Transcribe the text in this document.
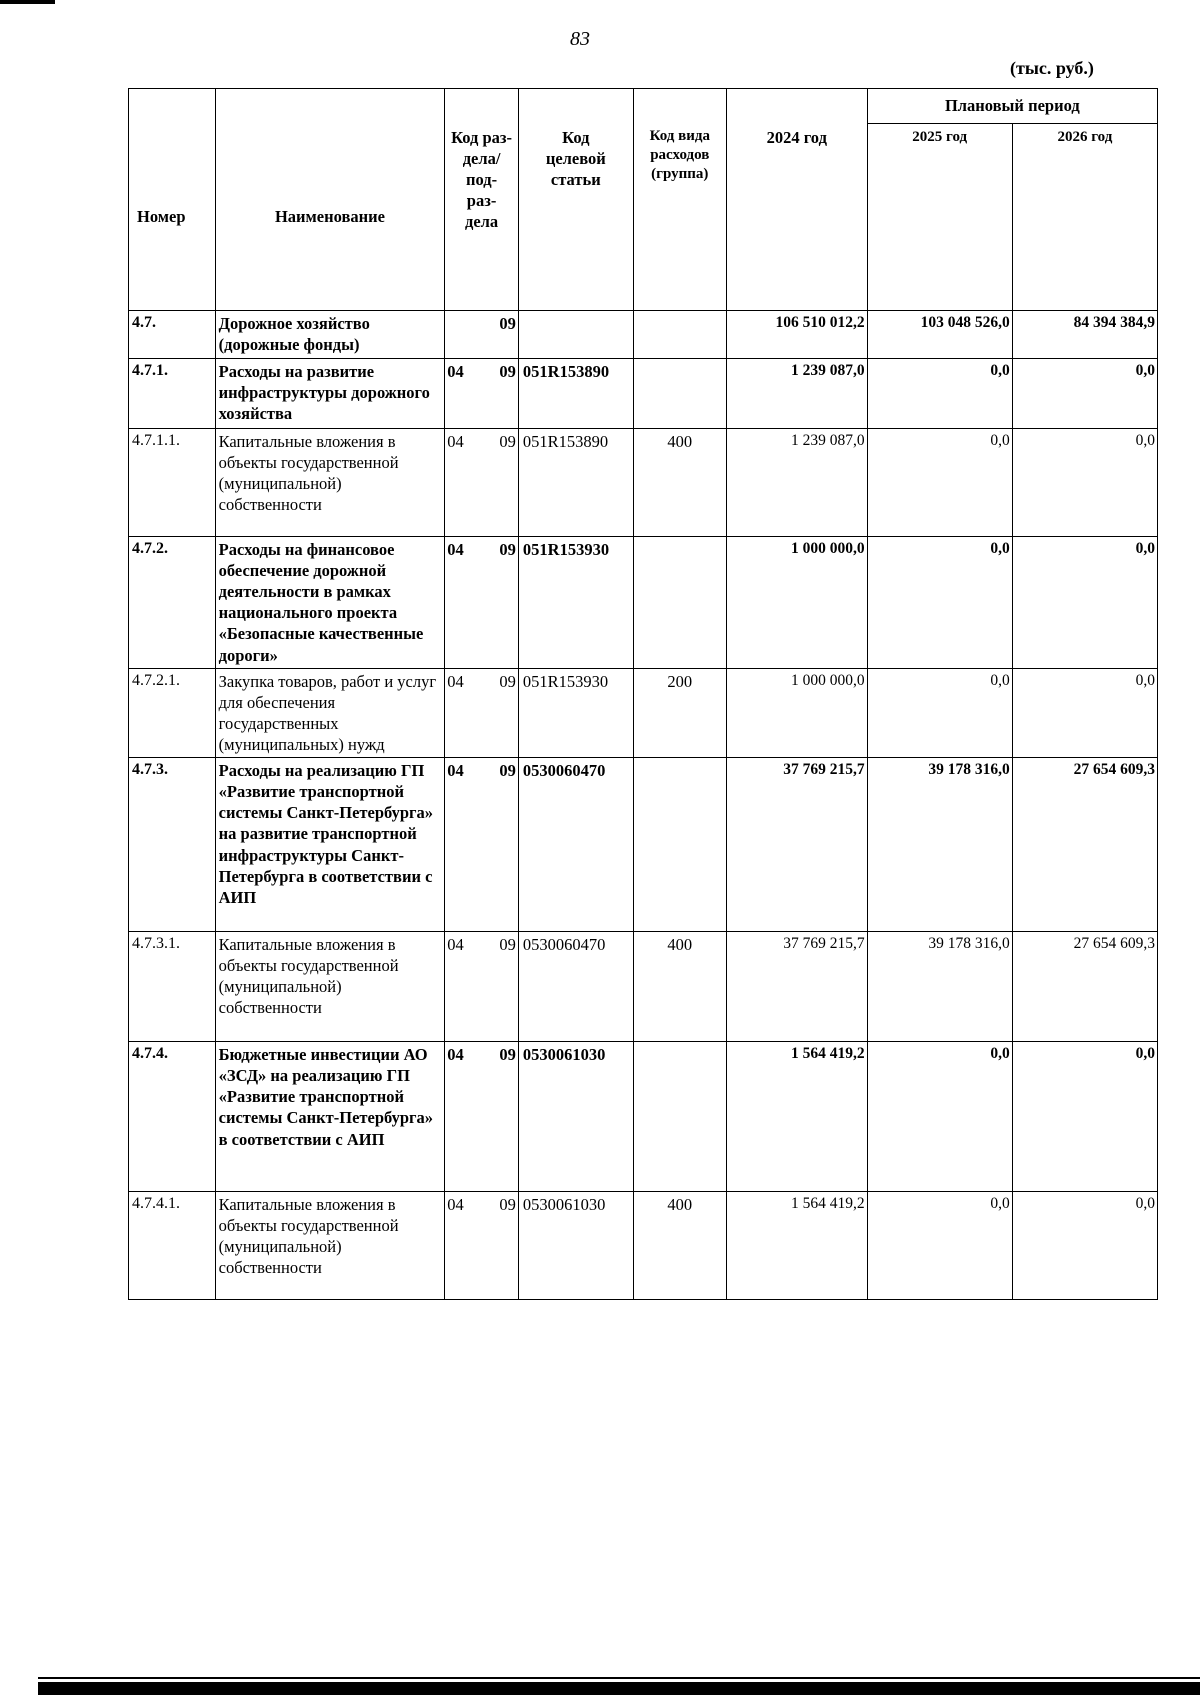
83
(тыс. руб.)
Номер	Наименование	Код раз-
дела/
под-
раз-
дела	Код
целевой
статьи	Код вида
расходов
(группа)	2024 год	Плановый период	
						2025 год	2026 год
4.7.	Дорожное хозяйство (дорожные фонды)	09			106 510 012,2	103 048 526,0	84 394 384,9
4.7.1.	Расходы на развитие инфраструктуры дорожного хозяйства	04 09	051R153890		1 239 087,0	0,0	0,0
4.7.1.1.	Капитальные вложения в объекты государственной (муниципальной) собственности	04 09	051R153890	400	1 239 087,0	0,0	0,0
4.7.2.	Расходы на финансовое обеспечение дорожной деятельности в рамках национального проекта «Безопасные качественные дороги»	04 09	051R153930		1 000 000,0	0,0	0,0
4.7.2.1.	Закупка товаров, работ и услуг для обеспечения государственных (муниципальных) нужд	04 09	051R153930	200	1 000 000,0	0,0	0,0
4.7.3.	Расходы на реализацию ГП «Развитие транспортной системы Санкт-Петербурга» на развитие транспортной инфраструктуры Санкт-Петербурга в соответствии с АИП	04 09	0530060470		37 769 215,7	39 178 316,0	27 654 609,3
4.7.3.1.	Капитальные вложения в объекты государственной (муниципальной) собственности	04 09	0530060470	400	37 769 215,7	39 178 316,0	27 654 609,3
4.7.4.	Бюджетные инвестиции АО «ЗСД» на реализацию ГП «Развитие транспортной системы Санкт-Петербурга» в соответствии с АИП	04 09	0530061030		1 564 419,2	0,0	0,0
4.7.4.1.	Капитальные вложения в объекты государственной (муниципальной) собственности	04 09	0530061030	400	1 564 419,2	0,0	0,0
